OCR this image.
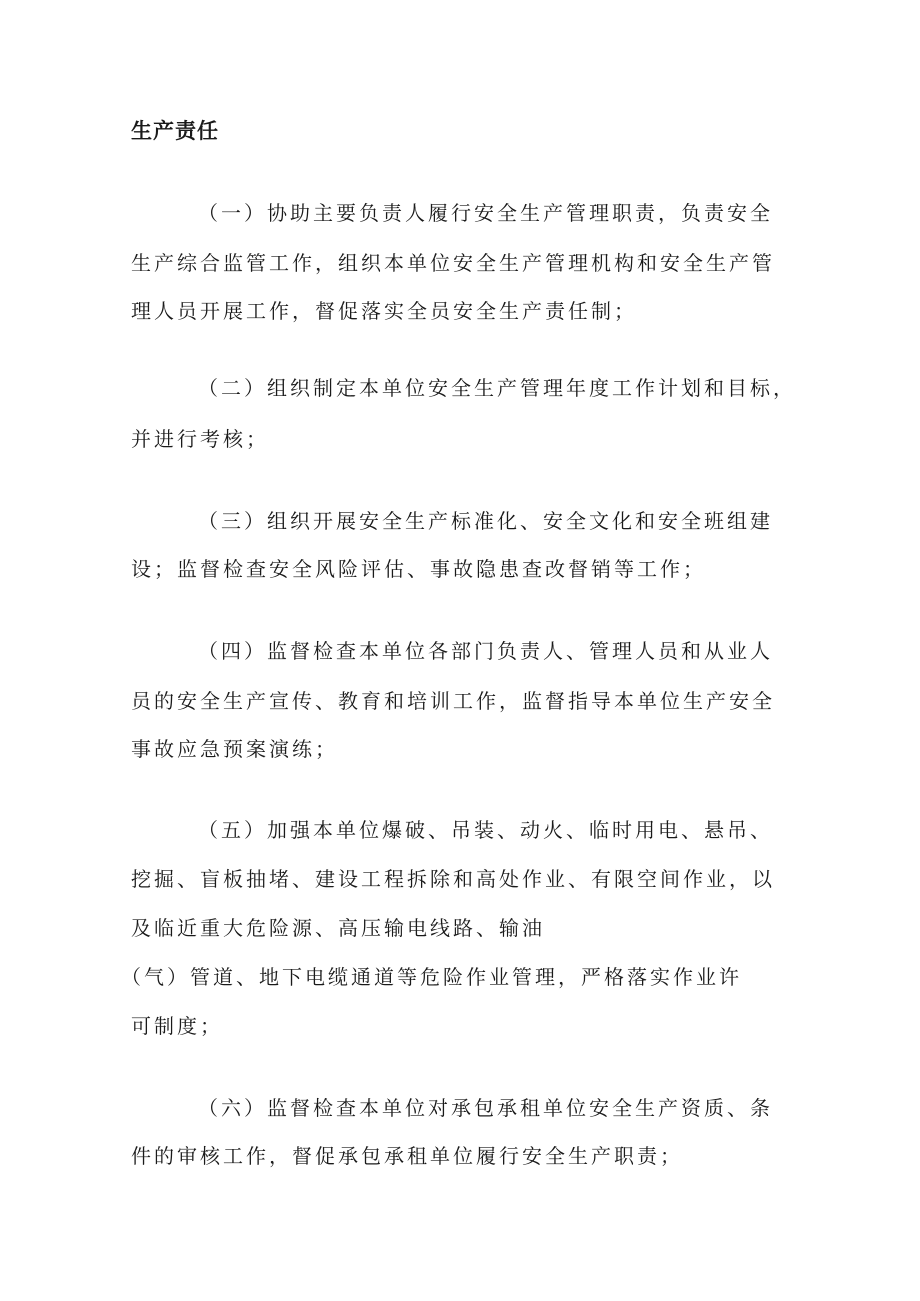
生产责任
（一）协助主要负责人履行安全生产管理职责，负责安全
生产综合监管工作，组织本单位安全生产管理机构和安全生产管
理人员开展工作，督促落实全员安全生产责任制；
（二）组织制定本单位安全生产管理年度工作计划和目标，
并进行考核；
（三）组织开展安全生产标准化、安全文化和安全班组建
设；监督检查安全风险评估、事故隐患查改督销等工作；
（四）监督检查本单位各部门负责人、管理人员和从业人
员的安全生产宣传、教育和培训工作，监督指导本单位生产安全
事故应急预案演练；
（五）加强本单位爆破、吊装、动火、临时用电、悬吊、
挖掘、盲板抽堵、建设工程拆除和高处作业、有限空间作业，以
及临近重大危险源、高压输电线路、输油
（气）管道、地下电缆通道等危险作业管理，严格落实作业许
可制度；
（六）监督检查本单位对承包承租单位安全生产资质、条
件的审核工作，督促承包承租单位履行安全生产职责；
